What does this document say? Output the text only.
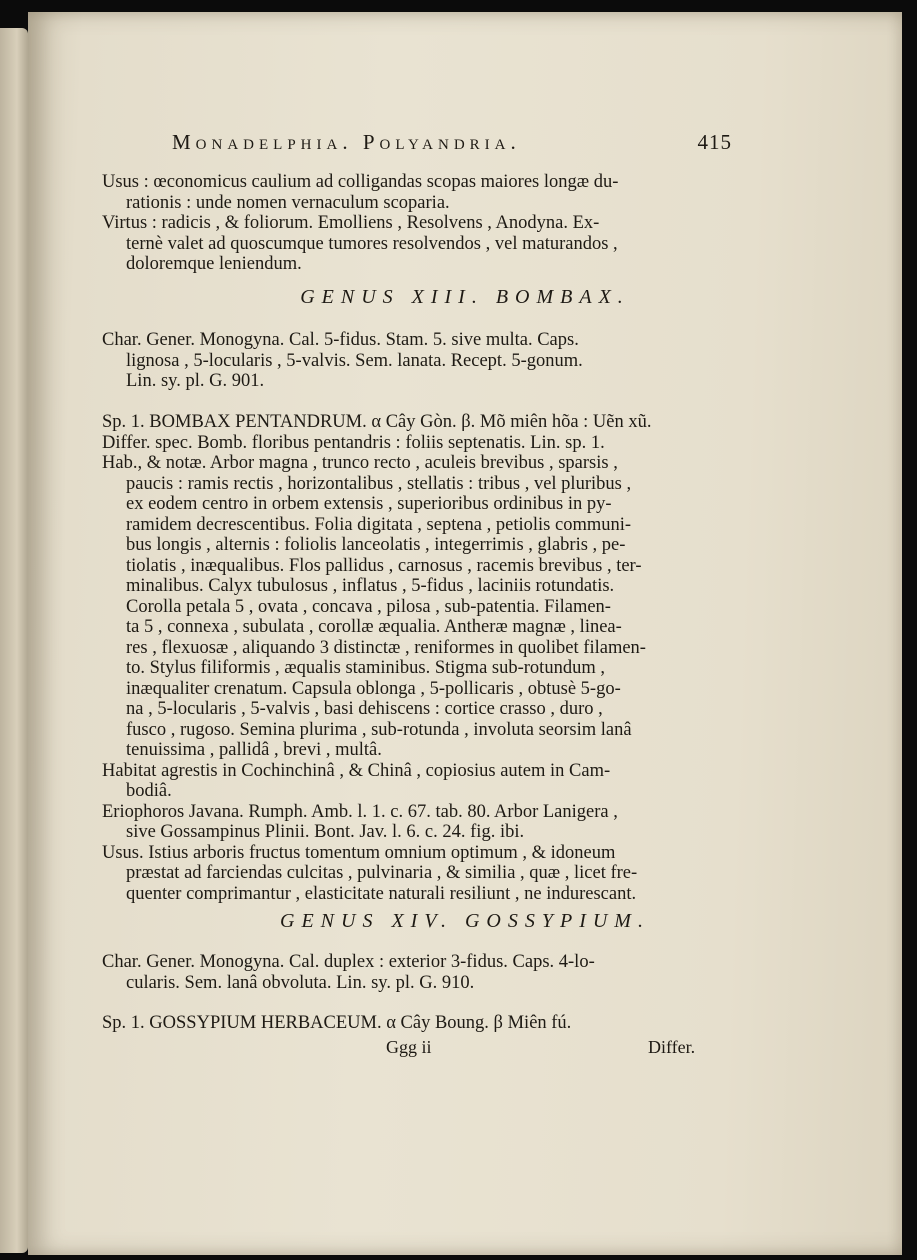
Monadelphia. Polyandria.	415
Usus : œconomicus caulium ad colligandas scopas maiores longæ du-
rationis : unde nomen vernaculum scoparia.
Virtus : radicis , & foliorum. Emolliens , Resolvens , Anodyna. Ex-
ternè valet ad quoscumque tumores resolvendos , vel maturandos ,
doloremque leniendum.
GENUS XIII. BOMBAX.
Char. Gener. Monogyna. Cal. 5-fidus. Stam. 5. sive multa. Caps.
lignosa , 5-locularis , 5-valvis. Sem. lanata. Recept. 5-gonum.
Lin. sy. pl. G. 901.
Sp. 1. BOMBAX PENTANDRUM. α Cây Gòn. β. Mõ miên hõa : Uẽn xũ.
Differ. spec. Bomb. floribus pentandris : foliis septenatis. Lin. sp. 1.
Hab., & notæ. Arbor magna , trunco recto , aculeis brevibus , sparsis ,
paucis : ramis rectis , horizontalibus , stellatis : tribus , vel pluribus ,
ex eodem centro in orbem extensis , superioribus ordinibus in py-
ramidem decrescentibus. Folia digitata , septena , petiolis communi-
bus longis , alternis : foliolis lanceolatis , integerrimis , glabris , pe-
tiolatis , inæqualibus. Flos pallidus , carnosus , racemis brevibus , ter-
minalibus. Calyx tubulosus , inflatus , 5-fidus , laciniis rotundatis.
Corolla petala 5 , ovata , concava , pilosa , sub-patentia. Filamen-
ta 5 , connexa , subulata , corollæ æqualia. Antheræ magnæ , linea-
res , flexuosæ , aliquando 3 distinctæ , reniformes in quolibet filamen-
to. Stylus filiformis , æqualis staminibus. Stigma sub-rotundum ,
inæqualiter crenatum. Capsula oblonga , 5-pollicaris , obtusè 5-go-
na , 5-locularis , 5-valvis , basi dehiscens : cortice crasso , duro ,
fusco , rugoso. Semina plurima , sub-rotunda , involuta seorsim lanâ
tenuissima , pallidâ , brevi , multâ.
Habitat agrestis in Cochinchinâ , & Chinâ , copiosius autem in Cam-
bodiâ.
Eriophoros Javana. Rumph. Amb. l. 1. c. 67. tab. 80. Arbor Lanigera ,
sive Gossampinus Plinii. Bont. Jav. l. 6. c. 24. fig. ibi.
Usus. Istius arboris fructus tomentum omnium optimum , & idoneum
præstat ad farciendas culcitas , pulvinaria , & similia , quæ , licet fre-
quenter comprimantur , elasticitate naturali resiliunt , ne indurescant.
GENUS XIV. GOSSYPIUM.
Char. Gener. Monogyna. Cal. duplex : exterior 3-fidus. Caps. 4-lo-
cularis. Sem. lanâ obvoluta. Lin. sy. pl. G. 910.
Sp. 1. GOSSYPIUM HERBACEUM. α Cây Boung. β Miên fú.
Ggg ii	Differ.
